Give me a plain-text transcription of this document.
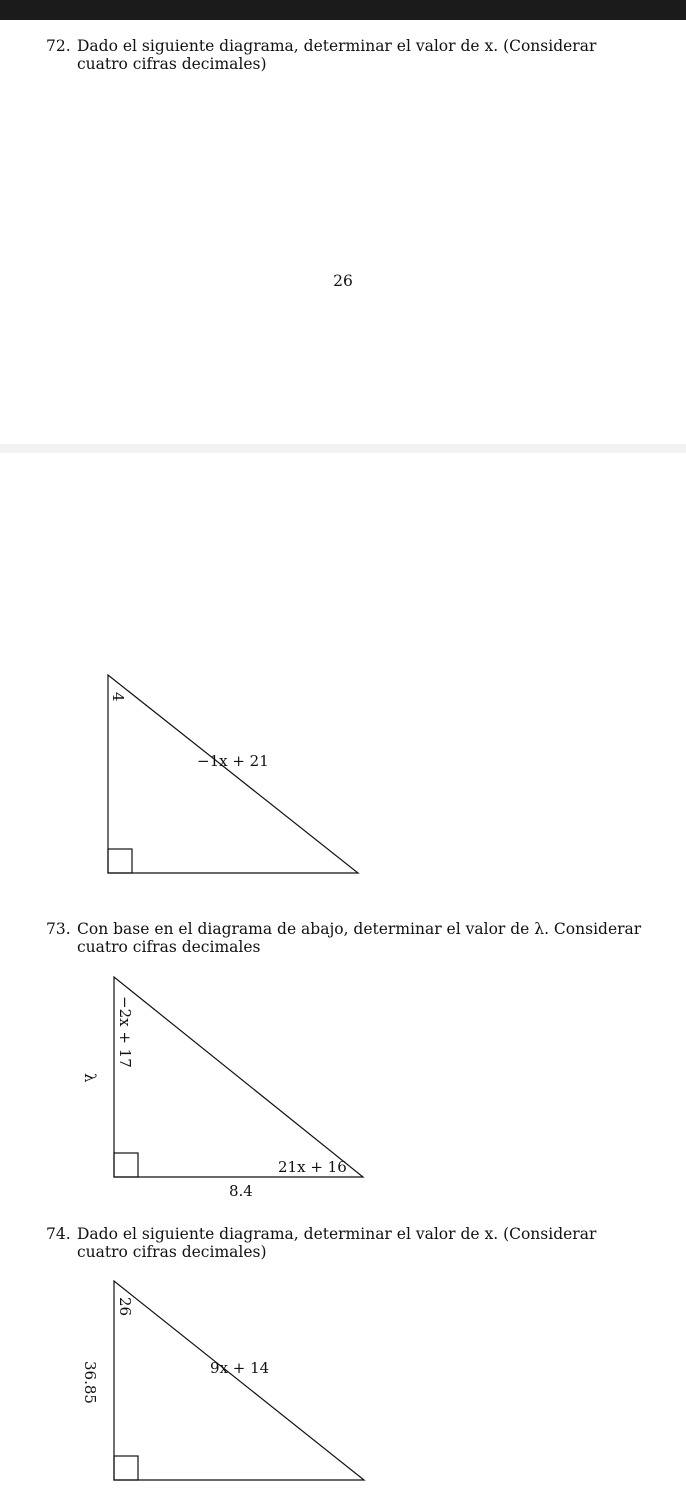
72. Dado el siguiente diagrama, determinar el valor de x. (Considerar cuatro cifras decimales)
26
4
−1x + 21
−2x + 17
λ
21x + 16
8.4
26
36.85	9x + 14
73. Con base en el diagrama de abajo, determinar el valor de λ. Considerar cuatro cifras decimales
74. Dado el siguiente diagrama, determinar el valor de x. (Considerar cuatro cifras decimales)
